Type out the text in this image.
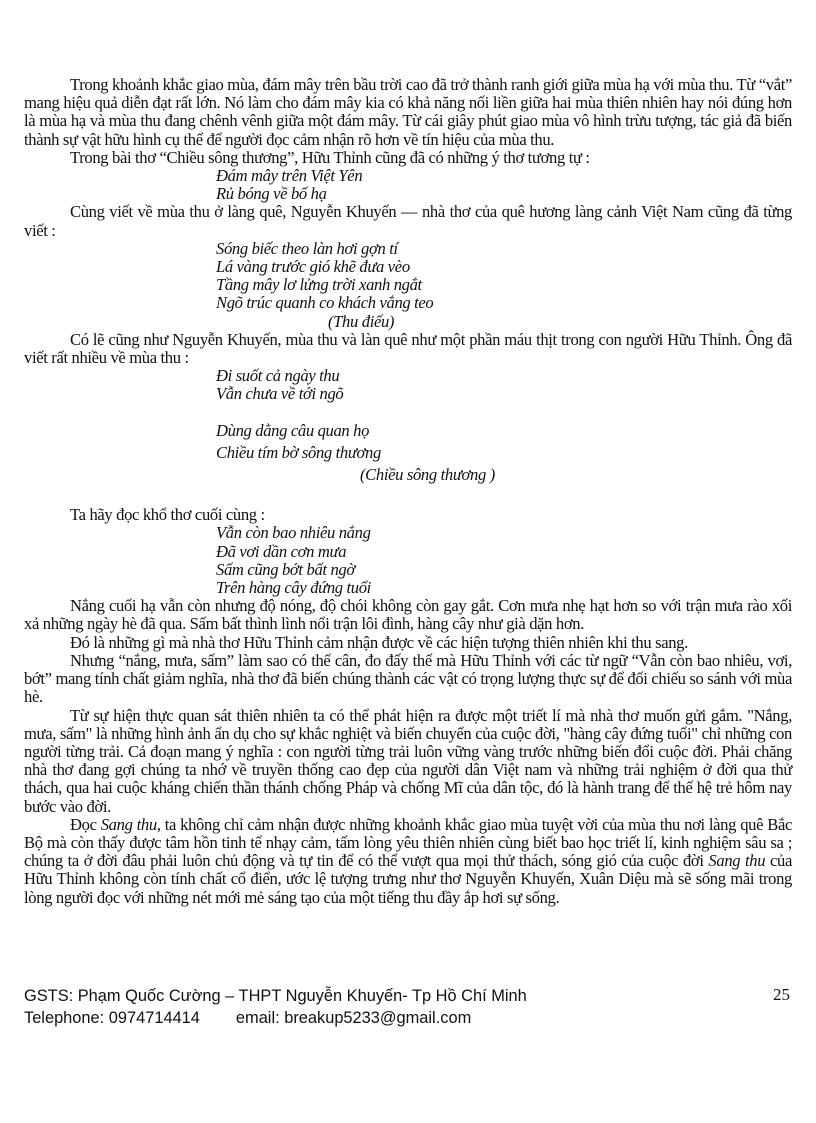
Trong khoảnh khắc giao mùa, đám mây trên bầu trời cao đã trở thành ranh giới giữa mùa hạ với mùa thu. Từ “vắt” mang hiệu quả diễn đạt rất lớn. Nó làm cho đám mây kia có khả năng nối liền giữa hai mùa thiên nhiên hay nói đúng hơn là mùa hạ và mùa thu đang chênh vênh giữa một đám mây. Từ cái giây phút giao mùa vô hình trừu tượng, tác giả đã biến thành sự vật hữu hình cụ thể để người đọc cảm nhận rõ hơn về tín hiệu của mùa thu.

Trong bài thơ “Chiều sông thương”, Hữu Thỉnh cũng đã có những ý thơ tương tự :

Đám mây trên Việt Yên
Rủ bóng về bố hạ

Cùng viết về mùa thu ở làng quê, Nguyễn Khuyến — nhà thơ của quê hương làng cảnh Việt Nam cũng đã từng viết :

Sóng biếc theo làn hơi gợn tí
Lá vàng trước gió khẽ đưa vèo
Tầng mây lơ lửng trời xanh ngắt
Ngõ trúc quanh co khách vắng teo
(Thu điếu)

Có lẽ cũng như Nguyễn Khuyến, mùa thu và làn quê như một phần máu thịt trong con người Hữu Thỉnh. Ông đã viết rất nhiều về mùa thu :

Đi suốt cả ngày thu
Vẫn chưa về tới ngõ
Dùng dằng câu quan họ
Chiều tím bờ sông thương
(Chiều sông thương )

Ta hãy đọc khổ thơ cuối cùng :

Vẫn còn bao nhiêu nắng
Đã vơi dần cơn mưa
Sấm cũng bớt bất ngờ
Trên hàng cây đứng tuổi

Nắng cuối hạ vẫn còn nhưng độ nóng, độ chói không còn gay gắt. Cơn mưa nhẹ hạt hơn so với trận mưa rào xối xả những ngày hè đã qua. Sấm bất thình lình nổi trận lôi đình, hàng cây như già dặn hơn.

Đó là những gì mà nhà thơ Hữu Thỉnh cảm nhận được về các hiện tượng thiên nhiên khi thu sang.

Nhưng “nắng, mưa, sấm” làm sao có thể cân, đo đấy thế mà Hữu Thỉnh với các từ ngữ “Vẫn còn bao nhiêu, vơi, bớt” mang tính chất giảm nghĩa, nhà thơ đã biến chúng thành các vật có trọng lượng thực sự để đối chiếu so sánh với mùa hè.

Từ sự hiện thực quan sát thiên nhiên ta có thể phát hiện ra được một triết lí mà nhà thơ muốn gửi gắm. "Nắng, mưa, sấm" là những hình ảnh ẩn dụ cho sự khắc nghiệt và biến chuyển của cuộc đời, "hàng cây đứng tuổi" chỉ những con người từng trải. Cả đoạn mang ý nghĩa : con người từng trải luôn vững vàng trước những biến đổi cuộc đời. Phải chăng nhà thơ đang gợi chúng ta nhớ về truyền thống cao đẹp của người dân Việt nam và những trải nghiệm ở đời qua thử thách, qua hai cuộc kháng chiến thần thánh chống Pháp và chống Mĩ của dân tộc, đó là hành trang để thế hệ trẻ hôm nay bước vào đời.

Đọc Sang thu, ta không chỉ cảm nhận được những khoảnh khắc giao mùa tuyệt vời của mùa thu nơi làng quê Bắc Bộ mà còn thấy được tâm hồn tinh tế nhạy cảm, tấm lòng yêu thiên nhiên cùng biết bao học triết lí, kinh nghiệm sâu sa ; chúng ta ở đời đâu phải luôn chủ động và tự tin để có thể vượt qua mọi thử thách, sóng gió của cuộc đời Sang thu của Hữu Thỉnh không còn tính chất cổ điển, ước lệ tượng trưng như thơ Nguyễn Khuyến, Xuân Diệu mà sẽ sống mãi trong lòng người đọc với những nét mới mẻ sáng tạo của một tiếng thu đầy ắp hơi sự sống.

GSTS: Phạm Quốc Cường – THPT Nguyễn Khuyến- Tp Hồ Chí Minh
Telephone: 0974714414 email: breakup5233@gmail.com
25
